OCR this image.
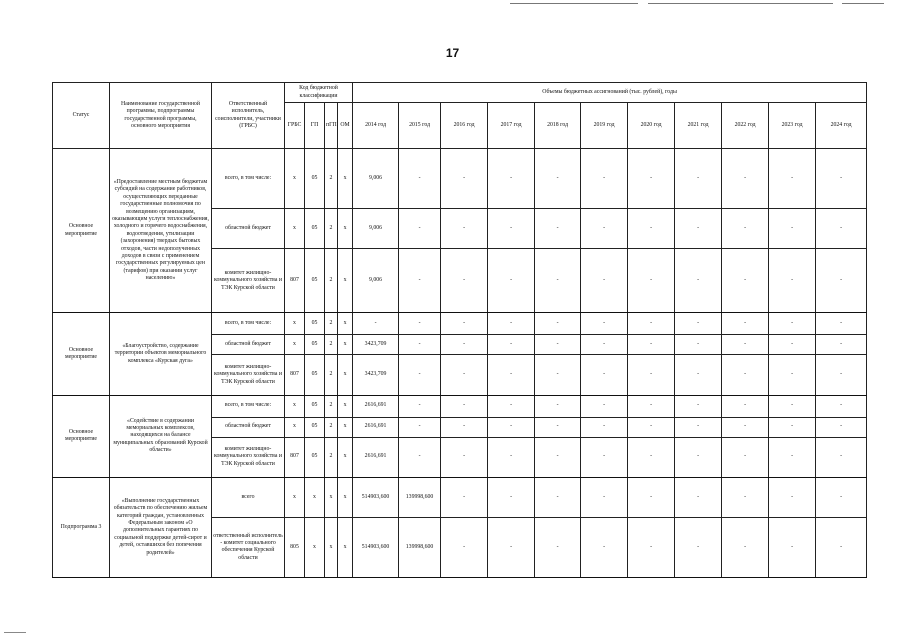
17
Статус	Наименование государственной программы, подпрограммы государственной программы, основного мероприятия	Ответственный исполнитель, соисполнители, участники (ГРБС)	Код бюджетной классификации				Объемы бюджетных ассигнований (тыс. рублей), годы										
			ГРБС	ГП	пГП	ОМ	2014 год	2015 год	2016 год	2017 год	2018 год	2019 год	2020 год	2021 год	2022 год	2023 год	2024 год
Основное мероприятие	«Предоставление местным бюджетам субсидий на содержание работников, осуществляющих переданные государственные полномочия по возмещению организациям, оказывающим услуги теплоснабжения, холодного и горячего водоснабжения, водоотведения, утилизации (захоронения) твердых бытовых отходов, части недополученных доходов в связи с применением государственных регулируемых цен (тарифов) при оказании услуг населению»	всего, в том числе:	х	05	2	х	9,006	-	-	-	-	-	-	-	-	-	-
		областной бюджет	х	05	2	х	9,006	-	-	-	-	-	-	-	-	-	-
		комитет жилищно-коммунального хозяйства и ТЭК Курской области	807	05	2	х	9,006	-	-	-	-	-	-	-	-	-	-
Основное мероприятие	«Благоустройство, содержание территории объектов мемориального комплекса «Курская дуга»	всего, в том числе:	х	05	2	х	-	-	-	-	-	-	-	-	-	-	-
		областной бюджет	х	05	2	х	3423,709	-	-	-	-	-	-	-	-	-	-
		комитет жилищно-коммунального хозяйства и ТЭК Курской области	807	05	2	х	3423,709	-	-	-	-	-	-	-	-	-	-
Основное мероприятие	«Содействие в содержании мемориальных комплексов, находящихся на балансе муниципальных образований Курской области»	всего, в том числе:	х	05	2	х	2616,691	-	-	-	-	-	-	-	-	-	-
		областной бюджет	х	05	2	х	2616,691	-	-	-	-	-	-	-	-	-	-
		комитет жилищно-коммунального хозяйства и ТЭК Курской области	807	05	2	х	2616,691	-	-	-	-	-	-	-	-	-	-
Подпрограмма 3	«Выполнение государственных обязательств по обеспечению жильем категорий граждан, установленных Федеральным законом «О дополнительных гарантиях по социальной поддержке детей-сирот и детей, оставшихся без попечения родителей»	всего	х	х	х	х	514903,600	139998,600	-	-	-	-	-	-	-	-	-
		ответственный исполнитель - комитет социального обеспечения Курской области	805	х	х	х	514903,600	139998,600	-	-	-	-	-	-	-	-	-
